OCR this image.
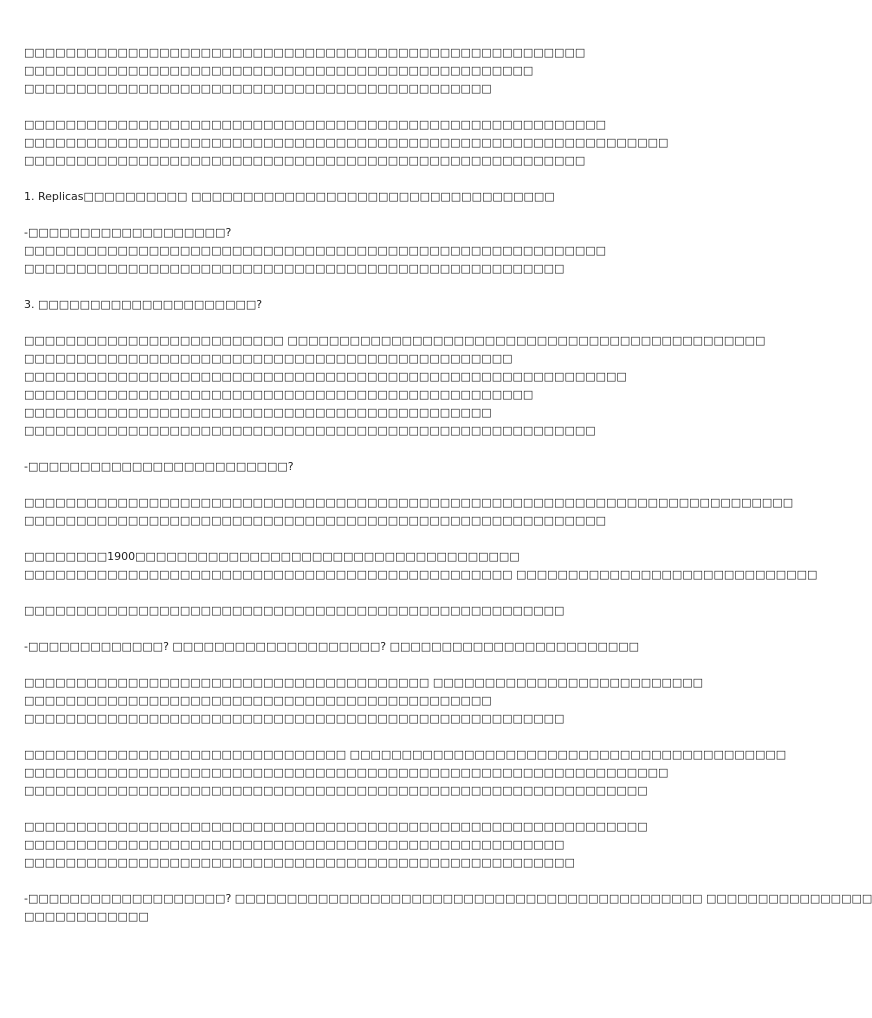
□□□□□□□□□□□□□□□□□□□□□□□□□□□□□□□□□□□□□□□□□□□□□□□□□□□□□□
□□□□□□□□□□□□□□□□□□□□□□□□□□□□□□□□□□□□□□□□□□□□□□□□□
□□□□□□□□□□□□□□□□□□□□□□□□□□□□□□□□□□□□□□□□□□□□□
□□□□□□□□□□□□□□□□□□□□□□□□□□□□□□□□□□□□□□□□□□□□□□□□□□□□□□□□
□□□□□□□□□□□□□□□□□□□□□□□□□□□□□□□□□□□□□□□□□□□□□□□□□□□□□□□□□□□□□□
□□□□□□□□□□□□□□□□□□□□□□□□□□□□□□□□□□□□□□□□□□□□□□□□□□□□□□
1. Replicas□□□□□□□□□□ □□□□□□□□□□□□□□□□□□□□□□□□□□□□□□□□□□□
-□□□□□□□□□□□□□□□□□□□?
□□□□□□□□□□□□□□□□□□□□□□□□□□□□□□□□□□□□□□□□□□□□□□□□□□□□□□□□
□□□□□□□□□□□□□□□□□□□□□□□□□□□□□□□□□□□□□□□□□□□□□□□□□□□□
3. □□□□□□□□□□□□□□□□□□□□□?
□□□□□□□□□□□□□□□□□□□□□□□□□ □□□□□□□□□□□□□□□□□□□□□□□□□□□□□□□□□□□□□□□□□□□□□□
□□□□□□□□□□□□□□□□□□□□□□□□□□□□□□□□□□□□□□□□□□□□□□□
□□□□□□□□□□□□□□□□□□□□□□□□□□□□□□□□□□□□□□□□□□□□□□□□□□□□□□□□□□
□□□□□□□□□□□□□□□□□□□□□□□□□□□□□□□□□□□□□□□□□□□□□□□□□
□□□□□□□□□□□□□□□□□□□□□□□□□□□□□□□□□□□□□□□□□□□□□
□□□□□□□□□□□□□□□□□□□□□□□□□□□□□□□□□□□□□□□□□□□□□□□□□□□□□□□
-□□□□□□□□□□□□□□□□□□□□□□□□□?
□□□□□□□□□□□□□□□□□□□□□□□□□□□□□□□□□□□□□□□□□□□□□□□□□□□□□□□□□□□□□□□□□□□□□□□□□□
□□□□□□□□□□□□□□□□□□□□□□□□□□□□□□□□□□□□□□□□□□□□□□□□□□□□□□□□
□□□□□□□□1900□□□□□□□□□□□□□□□□□□□□□□□□□□□□□□□□□□□□□
□□□□□□□□□□□□□□□□□□□□□□□□□□□□□□□□□□□□□□□□□□□□□□□ □□□□□□□□□□□□□□□□□□□□□□□□□□□□□
□□□□□□□□□□□□□□□□□□□□□□□□□□□□□□□□□□□□□□□□□□□□□□□□□□□□
-□□□□□□□□□□□□□? □□□□□□□□□□□□□□□□□□□□? □□□□□□□□□□□□□□□□□□□□□□□□
□□□□□□□□□□□□□□□□□□□□□□□□□□□□□□□□□□□□□□□ □□□□□□□□□□□□□□□□□□□□□□□□□□
□□□□□□□□□□□□□□□□□□□□□□□□□□□□□□□□□□□□□□□□□□□□□
□□□□□□□□□□□□□□□□□□□□□□□□□□□□□□□□□□□□□□□□□□□□□□□□□□□□
□□□□□□□□□□□□□□□□□□□□□□□□□□□□□□□ □□□□□□□□□□□□□□□□□□□□□□□□□□□□□□□□□□□□□□□□□□
□□□□□□□□□□□□□□□□□□□□□□□□□□□□□□□□□□□□□□□□□□□□□□□□□□□□□□□□□□□□□□
□□□□□□□□□□□□□□□□□□□□□□□□□□□□□□□□□□□□□□□□□□□□□□□□□□□□□□□□□□□□
□□□□□□□□□□□□□□□□□□□□□□□□□□□□□□□□□□□□□□□□□□□□□□□□□□□□□□□□□□□□
□□□□□□□□□□□□□□□□□□□□□□□□□□□□□□□□□□□□□□□□□□□□□□□□□□□□
□□□□□□□□□□□□□□□□□□□□□□□□□□□□□□□□□□□□□□□□□□□□□□□□□□□□□
-□□□□□□□□□□□□□□□□□□□? □□□□□□□□□□□□□□□□□□□□□□□□□□□□□□□□□□□□□□□□□□□□□ □□□□□□□□□□□□□□□□
□□□□□□□□□□□□
